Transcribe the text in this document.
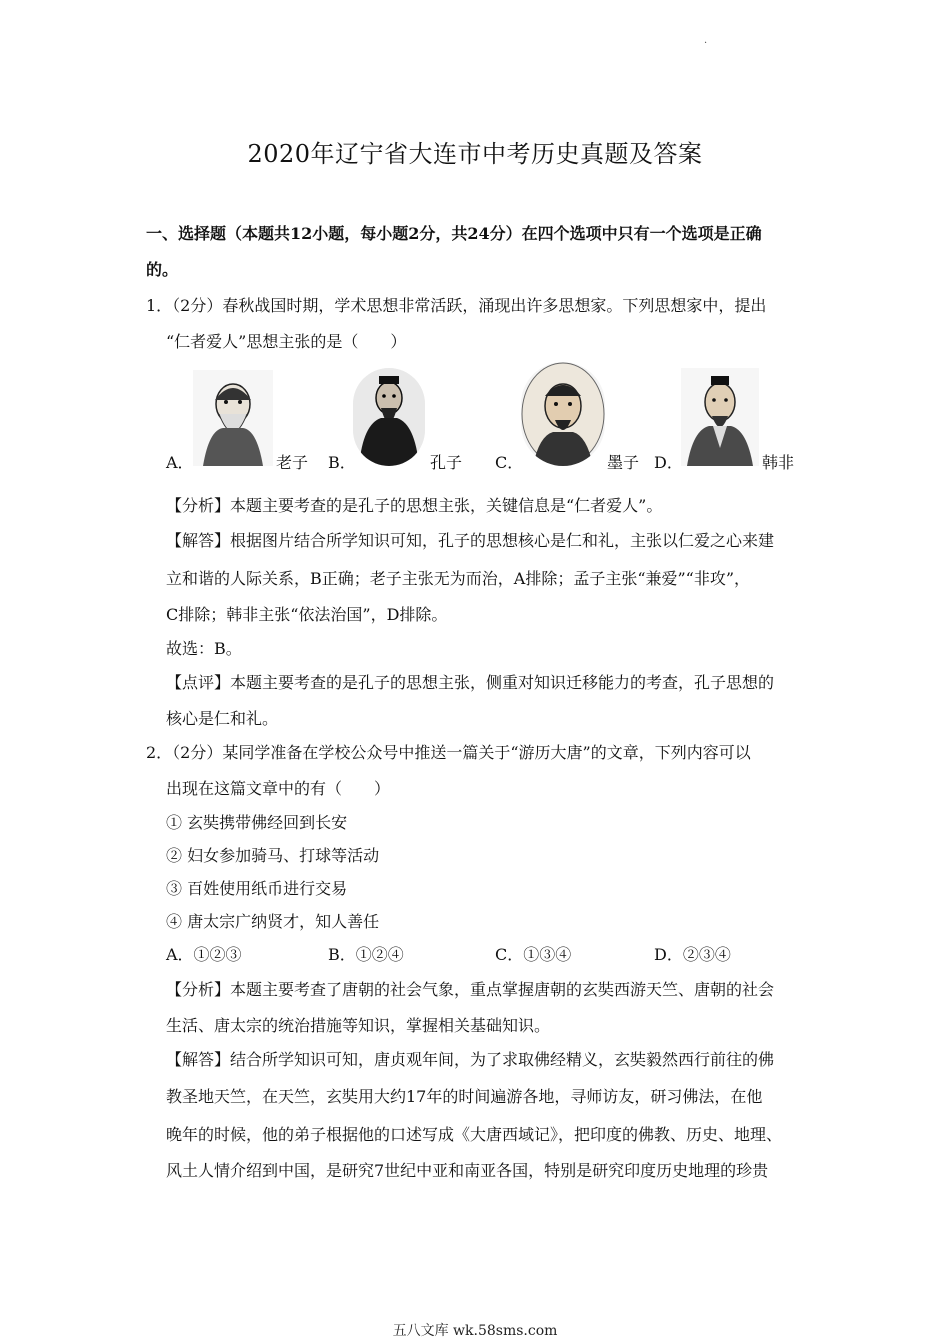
·
2020年辽宁省大连市中考历史真题及答案
一、选择题（本题共12小题，每小题2分，共24分）在四个选项中只有一个选项是正确
的。
1．（2分）春秋战国时期，学术思想非常活跃，涌现出许多思想家。下列思想家中，提出
“仁者爱人”思想主张的是（　　）
A．	老子 B．	孔子 C．	墨子 D．	韩非
【分析】本题主要考查的是孔子的思想主张，关键信息是“仁者爱人”。
【解答】根据图片结合所学知识可知，孔子的思想核心是仁和礼，主张以仁爱之心来建
立和谐的人际关系，B正确；老子主张无为而治，A排除；孟子主张“兼爱”“非攻”，
C排除；韩非主张“依法治国”，D排除。
故选：B。
【点评】本题主要考查的是孔子的思想主张，侧重对知识迁移能力的考查，孔子思想的
核心是仁和礼。
2．（2分）某同学准备在学校公众号中推送一篇关于“游历大唐”的文章，下列内容可以
出现在这篇文章中的有（　　）
① 玄奘携带佛经回到长安
② 妇女参加骑马、打球等活动
③ 百姓使用纸币进行交易
④ 唐太宗广纳贤才，知人善任
A．①②③	B．①②④	C．①③④	D．②③④
【分析】本题主要考查了唐朝的社会气象，重点掌握唐朝的玄奘西游天竺、唐朝的社会
生活、唐太宗的统治措施等知识，掌握相关基础知识。
【解答】结合所学知识可知，唐贞观年间，为了求取佛经精义，玄奘毅然西行前往的佛
教圣地天竺，在天竺，玄奘用大约17年的时间遍游各地，寻师访友，研习佛法，在他
晚年的时候，他的弟子根据他的口述写成《大唐西域记》，把印度的佛教、历史、地理、
风土人情介绍到中国，是研究7世纪中亚和南亚各国，特别是研究印度历史地理的珍贵
五八文库 wk.58sms.com
